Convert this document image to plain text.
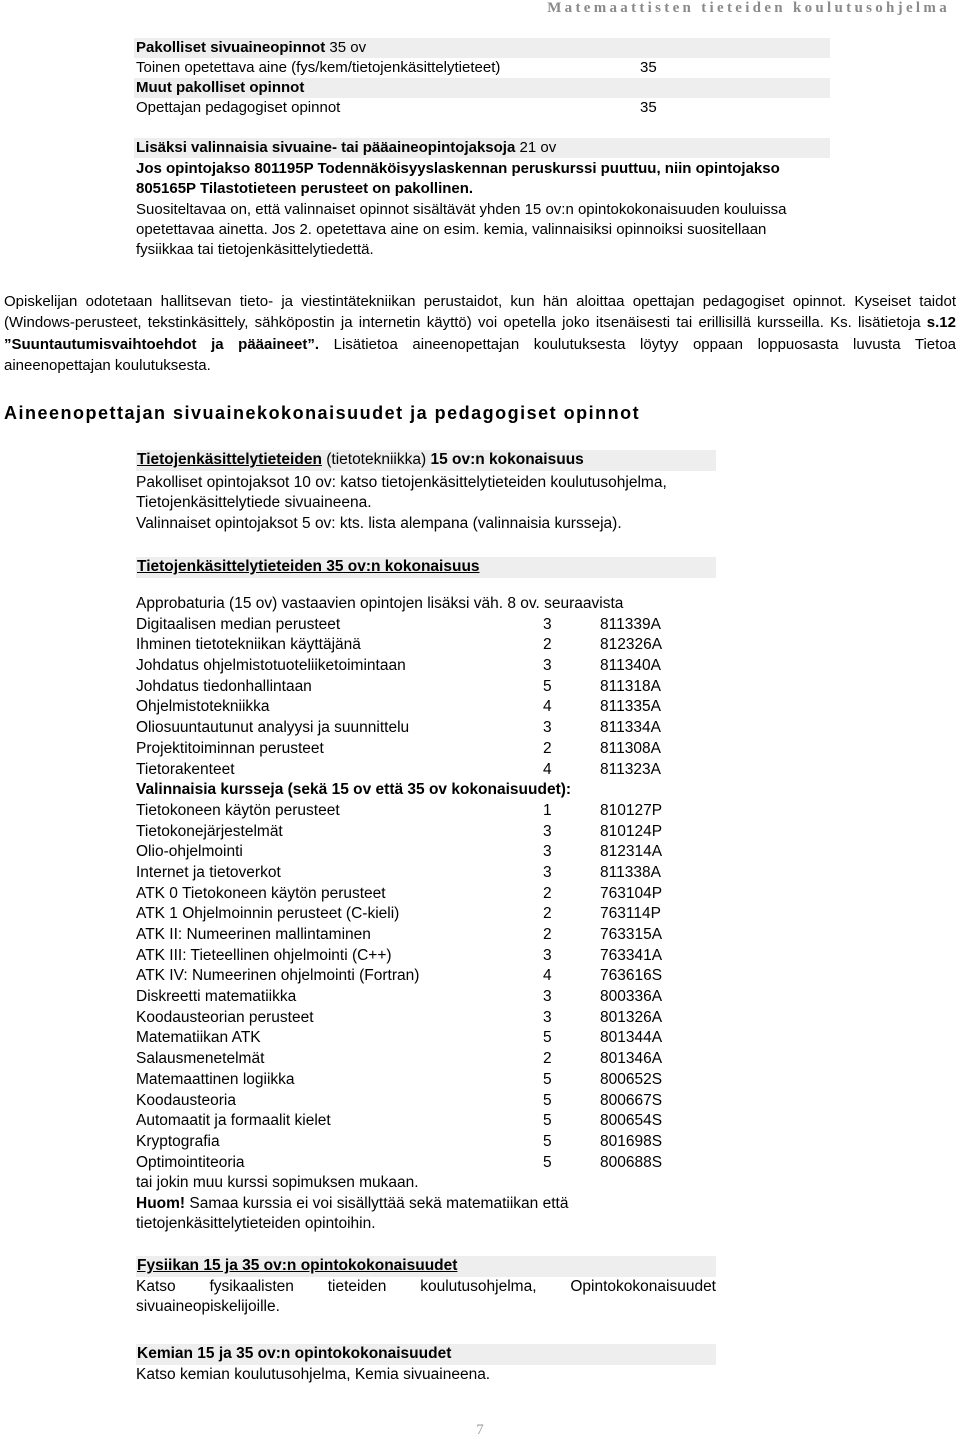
Matemaattisten tieteiden koulutusohjelma
Pakolliset sivuaineopinnot 35 ov
Toinen opetettava aine (fys/kem/tietojenkäsittelytieteet)	35
Muut pakolliset opinnot
Opettajan pedagogiset opinnot	35
Lisäksi valinnaisia sivuaine- tai pääaineopintojaksoja 21 ov
Jos opintojakso 801195P Todennäköisyyslaskennan peruskurssi puuttuu, niin opintojakso 805165P Tilastotieteen perusteet on pakollinen.
Suositeltavaa on, että valinnaiset opinnot sisältävät yhden 15 ov:n opintokokonaisuuden kouluissa opetettavaa ainetta. Jos 2. opetettava aine on esim. kemia, valinnaisiksi opinnoiksi suositellaan fysiikkaa tai tietojenkäsittelytiedettä.
Opiskelijan odotetaan hallitsevan tieto- ja viestintätekniikan perustaidot, kun hän aloittaa opettajan pedagogiset opinnot. Kyseiset taidot (Windows-perusteet, tekstinkäsittely, sähköpostin ja internetin käyttö) voi opetella joko itsenäisesti tai erillisillä kursseilla. Ks. lisätietoja s.12 ”Suuntautumisvaihtoehdot ja pääaineet”. Lisätietoa aineenopettajan koulutuksesta löytyy oppaan loppuosasta luvusta Tietoa aineenopettajan koulutuksesta.
Aineenopettajan sivuainekokonaisuudet ja pedagogiset opinnot
Tietojenkäsittelytieteiden (tietotekniikka) 15 ov:n kokonaisuus
Pakolliset opintojaksot 10 ov: katso tietojenkäsittelytieteiden koulutusohjelma, Tietojenkäsittelytiede sivuaineena.
Valinnaiset opintojaksot 5 ov: kts. lista alempana (valinnaisia kursseja).
Tietojenkäsittelytieteiden 35 ov:n kokonaisuus
Approbaturia (15 ov) vastaavien opintojen lisäksi väh. 8 ov. seuraavista
Digitaalisen median perusteet	3	811339A
Ihminen tietotekniikan käyttäjänä	2	812326A
Johdatus ohjelmistotuoteliiketoimintaan	3	811340A
Johdatus tiedonhallintaan	5	811318A
Ohjelmistotekniikka	4	811335A
Oliosuuntautunut analyysi ja suunnittelu	3	811334A
Projektitoiminnan perusteet	2	811308A
Tietorakenteet	4	811323A
Valinnaisia kursseja (sekä 15 ov että 35 ov kokonaisuudet):
Tietokoneen käytön perusteet	1	810127P
Tietokonejärjestelmät	3	810124P
Olio-ohjelmointi	3	812314A
Internet ja tietoverkot	3	811338A
ATK 0 Tietokoneen käytön perusteet	2	763104P
ATK 1 Ohjelmoinnin perusteet (C-kieli)	2	763114P
ATK II: Numeerinen mallintaminen	2	763315A
ATK III: Tieteellinen ohjelmointi (C++)	3	763341A
ATK IV: Numeerinen ohjelmointi (Fortran)	4	763616S
Diskreetti matematiikka	3	800336A
Koodausteorian perusteet	3	801326A
Matematiikan ATK	5	801344A
Salausmenetelmät	2	801346A
Matemaattinen logiikka	5	800652S
Koodausteoria	5	800667S
Automaatit ja formaalit kielet	5	800654S
Kryptografia	5	801698S
Optimointiteoria	5	800688S
tai jokin muu kurssi sopimuksen mukaan.
Huom! Samaa kurssia ei voi sisällyttää sekä matematiikan että tietojenkäsittelytieteiden opintoihin.
Fysiikan 15 ja 35 ov:n opintokokonaisuudet
Katso fysikaalisten tieteiden koulutusohjelma, Opintokokonaisuudet sivuaineopiskelijoille.
Kemian 15 ja 35 ov:n opintokokonaisuudet
Katso kemian koulutusohjelma, Kemia sivuaineena.
7
